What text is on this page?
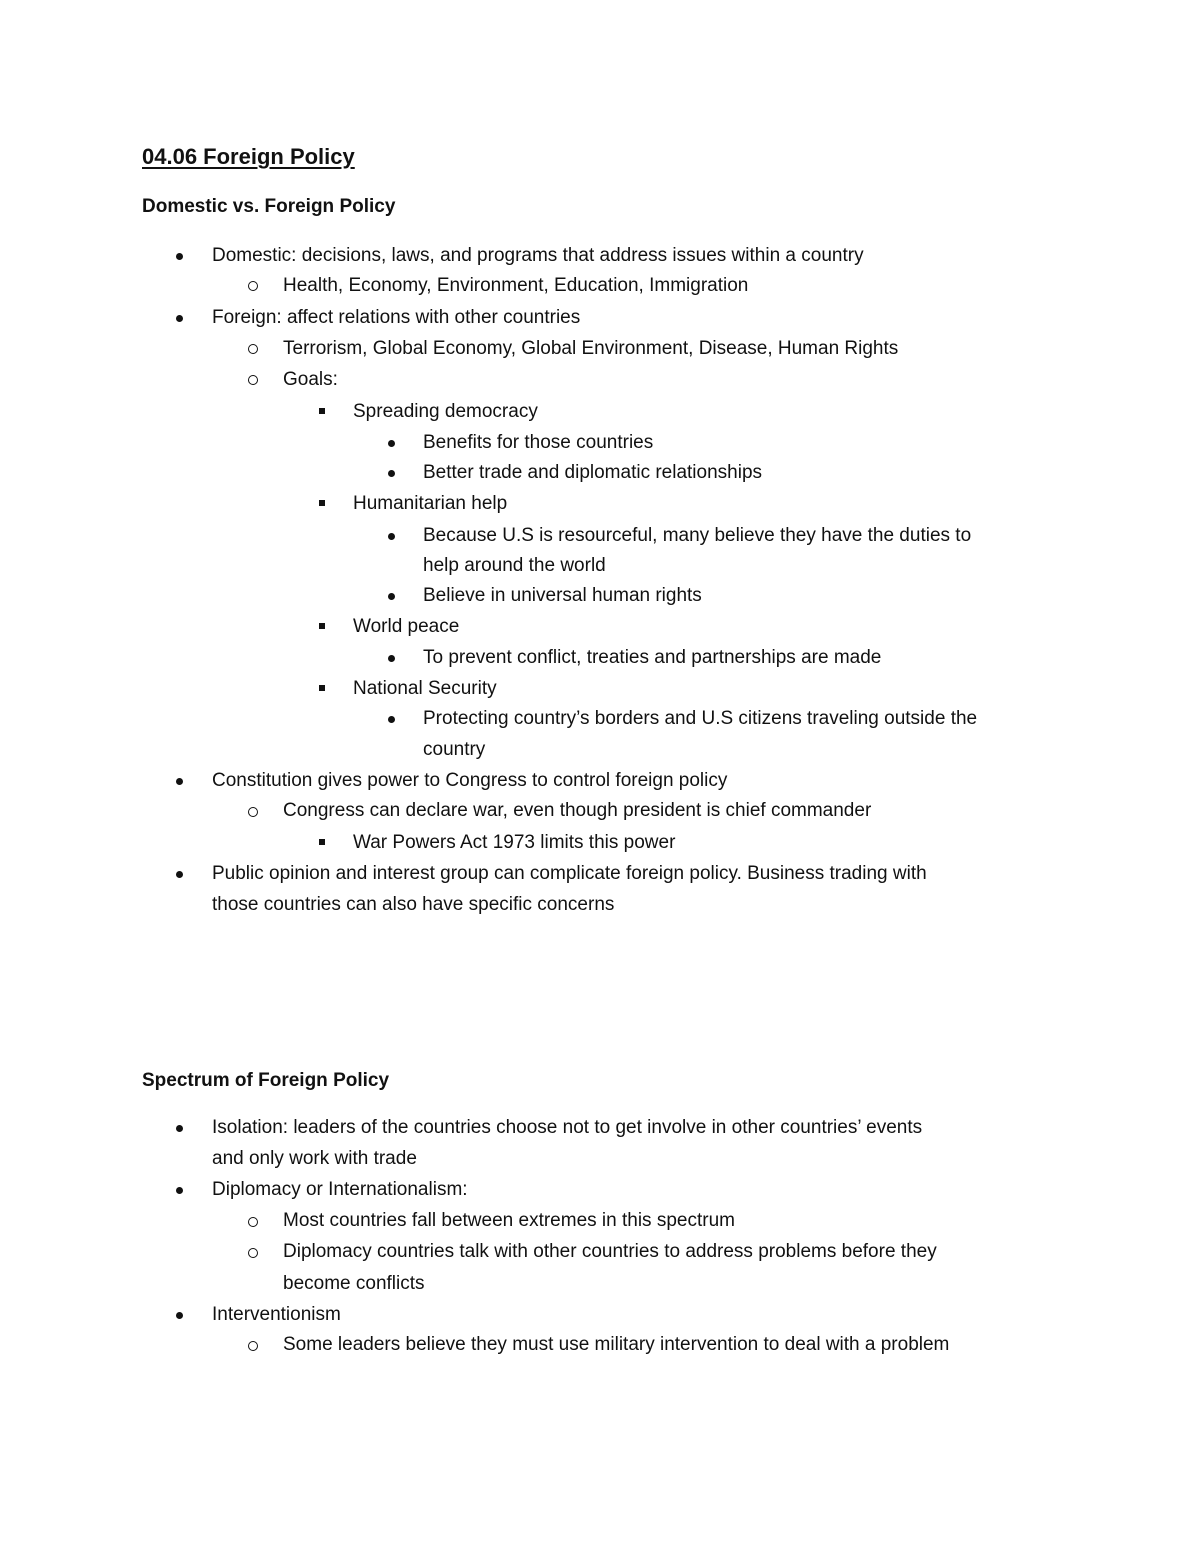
04.06 Foreign Policy
Domestic vs. Foreign Policy
Domestic: decisions, laws, and programs that address issues within a country
Health, Economy, Environment, Education, Immigration
Foreign: affect relations with other countries
Terrorism, Global Economy, Global Environment, Disease, Human Rights
Goals:
Spreading democracy
Benefits for those countries
Better trade and diplomatic relationships
Humanitarian help
Because U.S is resourceful, many believe they have the duties to
help around the world
Believe in universal human rights
World peace
To prevent conflict, treaties and partnerships are made
National Security
Protecting country’s borders and U.S citizens traveling outside the
country
Constitution gives power to Congress to control foreign policy
Congress can declare war, even though president is chief commander
War Powers Act 1973 limits this power
Public opinion and interest group can complicate foreign policy. Business trading with
those countries can also have specific concerns
Spectrum of Foreign Policy
Isolation: leaders of the countries choose not to get involve in other countries’ events
and only work with trade
Diplomacy or Internationalism:
Most countries fall between extremes in this spectrum
Diplomacy countries talk with other countries to address problems before they
become conflicts
Interventionism
Some leaders believe they must use military intervention to deal with a problem
